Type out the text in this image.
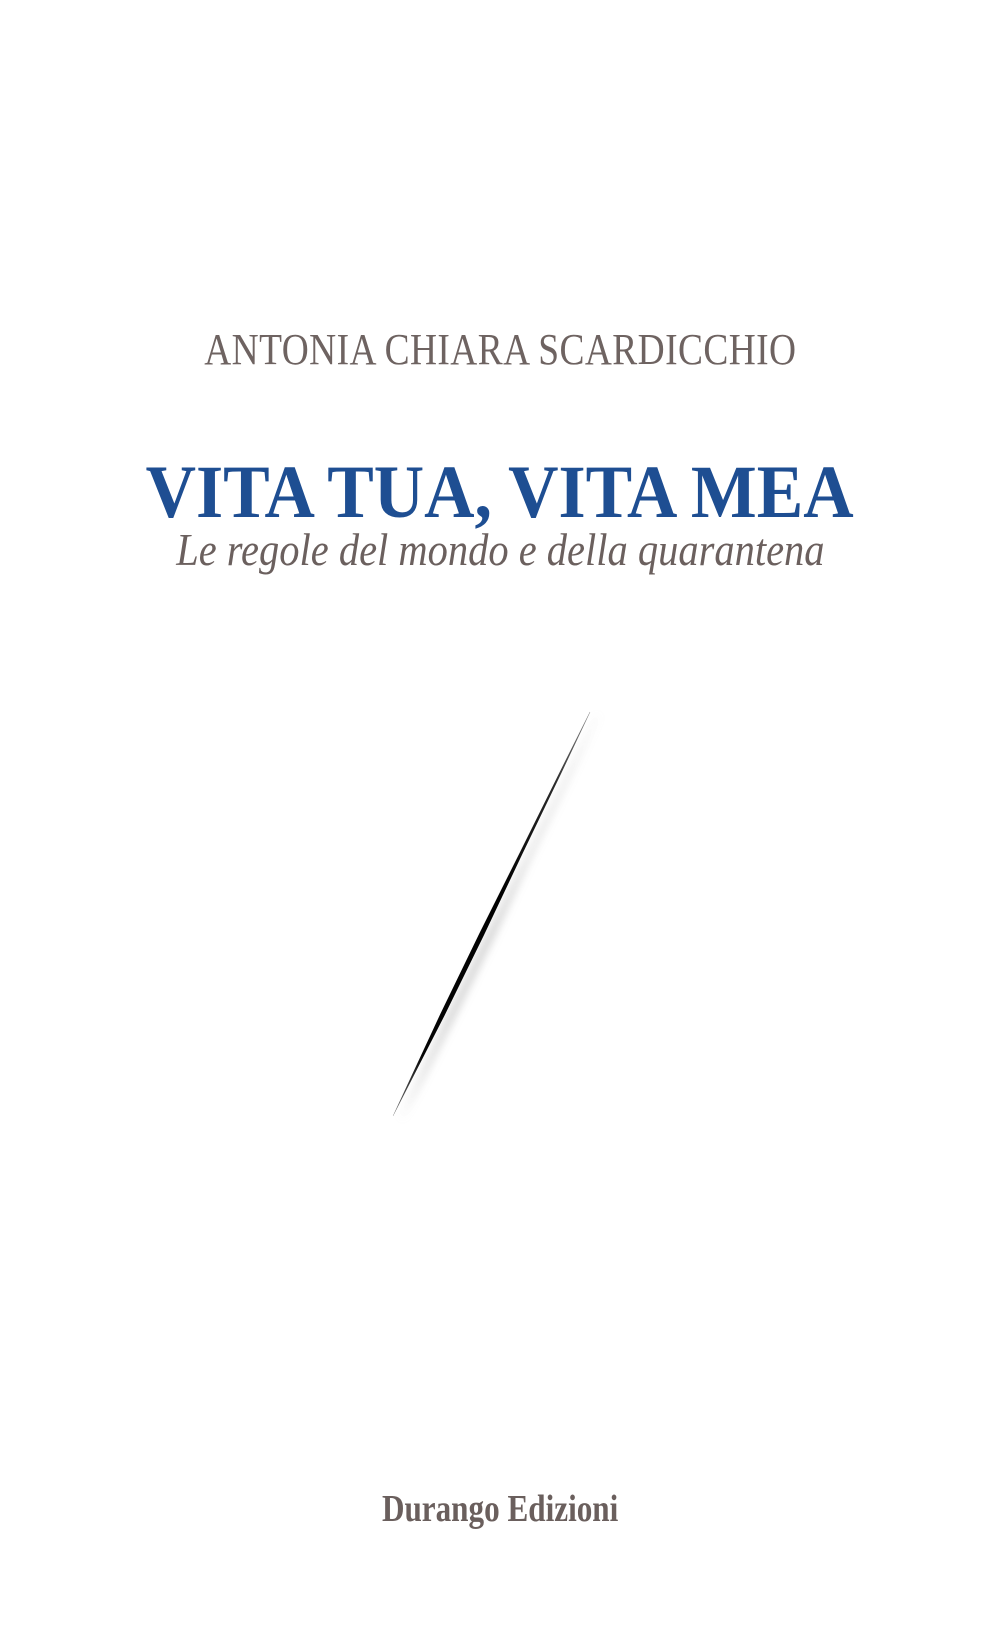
ANTONIA CHIARA SCARDICCHIO
VITA TUA, VITA MEA
Le regole del mondo e della quarantena
Durango Edizioni
